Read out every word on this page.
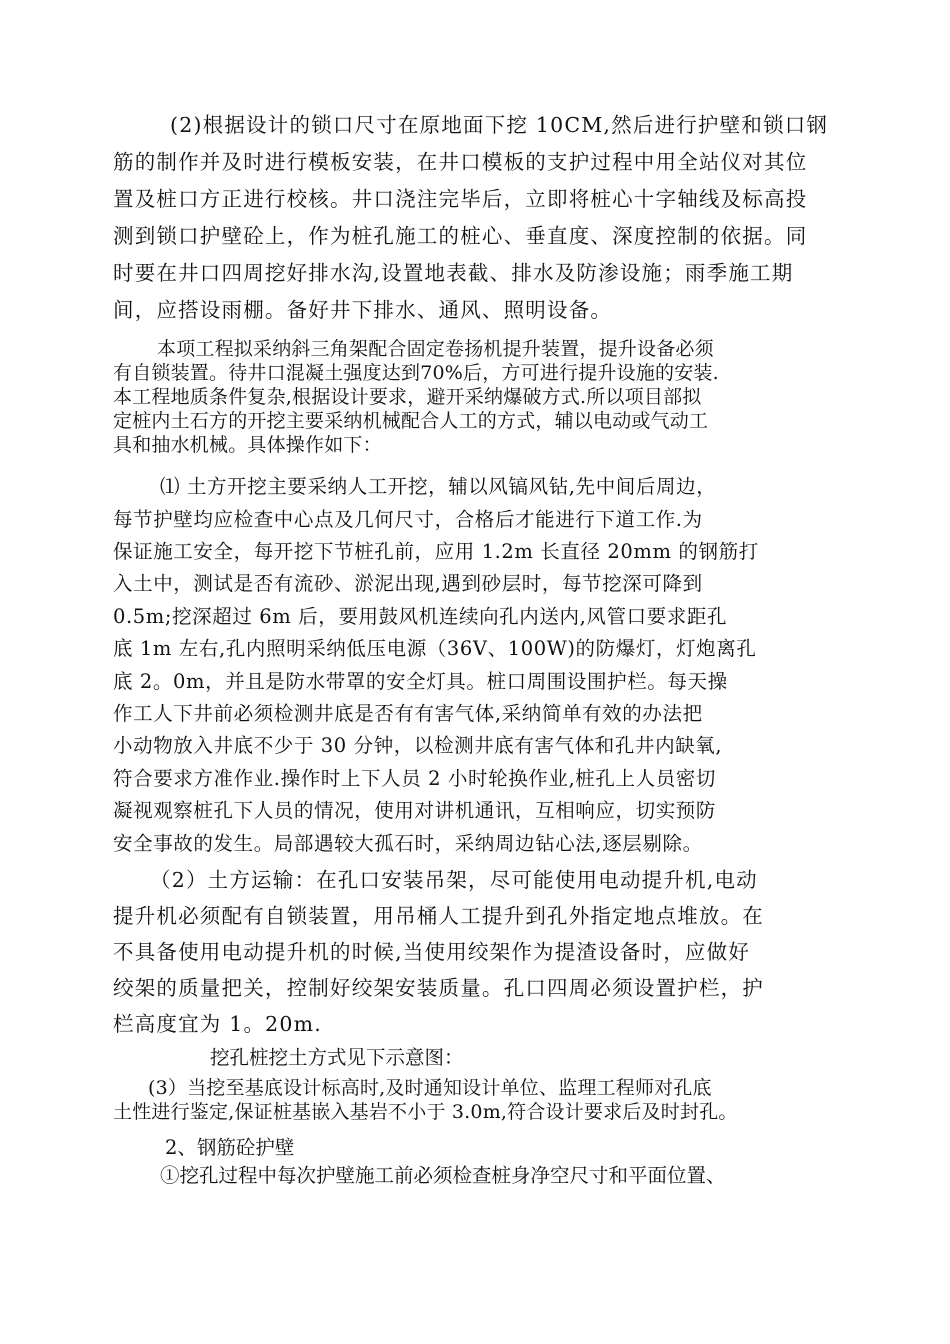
(2)根据设计的锁口尺寸在原地面下挖 10CM,然后进行护壁和锁口钢
筋的制作并及时进行模板安装，在井口模板的支护过程中用全站仪对其位
置及桩口方正进行校核。井口浇注完毕后，立即将桩心十字轴线及标高投
测到锁口护壁砼上，作为桩孔施工的桩心、垂直度、深度控制的依据。同
时要在井口四周挖好排水沟,设置地表截、排水及防渗设施；雨季施工期
间，应搭设雨棚。备好井下排水、通风、照明设备。
本项工程拟采纳斜三角架配合固定卷扬机提升装置，提升设备必须
有自锁装置。待井口混凝土强度达到70%后，方可进行提升设施的安装.
本工程地质条件复杂,根据设计要求，避开采纳爆破方式.所以项目部拟
定桩内土石方的开挖主要采纳机械配合人工的方式，辅以电动或气动工
具和抽水机械。具体操作如下：
⑴ 土方开挖主要采纳人工开挖，辅以风镐风钻,先中间后周边，
每节护壁均应检查中心点及几何尺寸，合格后才能进行下道工作.为
保证施工安全，每开挖下节桩孔前，应用 1.2m 长直径 20mm 的钢筋打
入土中，测试是否有流砂、淤泥出现,遇到砂层时，每节挖深可降到
0.5m;挖深超过 6m 后，要用鼓风机连续向孔内送内,风管口要求距孔
底 1m 左右,孔内照明采纳低压电源（36V、100W)的防爆灯，灯炮离孔
底 2。0m，并且是防水带罩的安全灯具。桩口周围设围护栏。每天操
作工人下井前必须检测井底是否有有害气体,采纳简单有效的办法把
小动物放入井底不少于 30 分钟，以检测井底有害气体和孔井内缺氧,
符合要求方准作业.操作时上下人员 2 小时轮换作业,桩孔上人员密切
凝视观察桩孔下人员的情况，使用对讲机通讯，互相响应，切实预防
安全事故的发生。局部遇较大孤石时，采纳周边钻心法,逐层剔除。
（2）土方运输：在孔口安装吊架，尽可能使用电动提升机,电动
提升机必须配有自锁装置，用吊桶人工提升到孔外指定地点堆放。在
不具备使用电动提升机的时候,当使用绞架作为提渣设备时，应做好
绞架的质量把关，控制好绞架安装质量。孔口四周必须设置护栏，护
栏高度宜为 1。20m.
挖孔桩挖土方式见下示意图：
(3）当挖至基底设计标高时,及时通知设计单位、监理工程师对孔底
土性进行鉴定,保证桩基嵌入基岩不小于 3.0m,符合设计要求后及时封孔。
2、钢筋砼护壁
①挖孔过程中每次护壁施工前必须检查桩身净空尺寸和平面位置、
